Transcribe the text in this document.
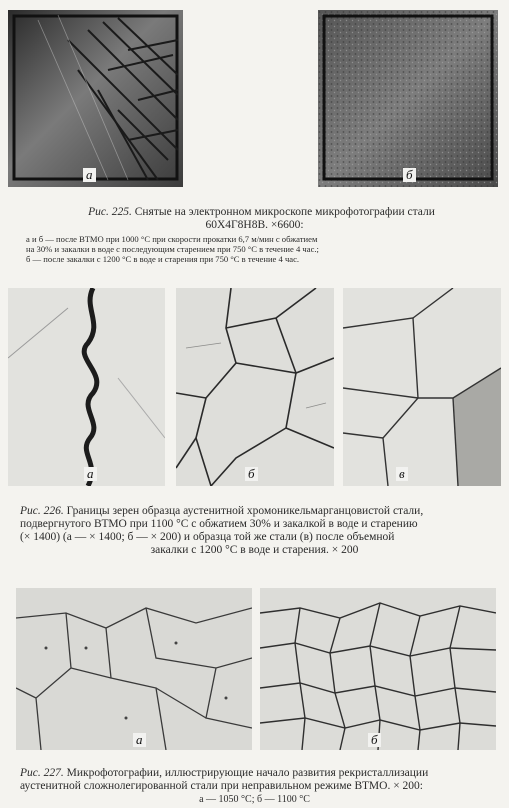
а	б
Рис. 225. Снятые на электронном микроскопе микрофотографии стали
60Х4Г8Н8В. ×6600:
а и б — после ВТМО при 1000 °С при скорости прокатки 6,7 м/мин с обжатием
на 30% и закалки в воде с последующим старением при 750 °С в течение 4 час.;
б — после закалки с 1200 °С в воде и старения при 750 °С в течение 4 час.
а	б	в
Рис. 226. Границы зерен образца аустенитной хромоникельмарганцовистой стали,
подвергнутого ВТМО при 1100 °С с обжатием 30% и закалкой в воде и старению
(× 1400) (а — × 1400; б — × 200) и образца той же стали (в) после объемной
закалки с 1200 °С в воде и старения. × 200
а	б
Рис. 227. Микрофотографии, иллюстрирующие начало развития рекристаллизации
аустенитной сложнолегированной стали при неправильном режиме ВТМО. × 200:
а — 1050 °С; б — 1100 °С
